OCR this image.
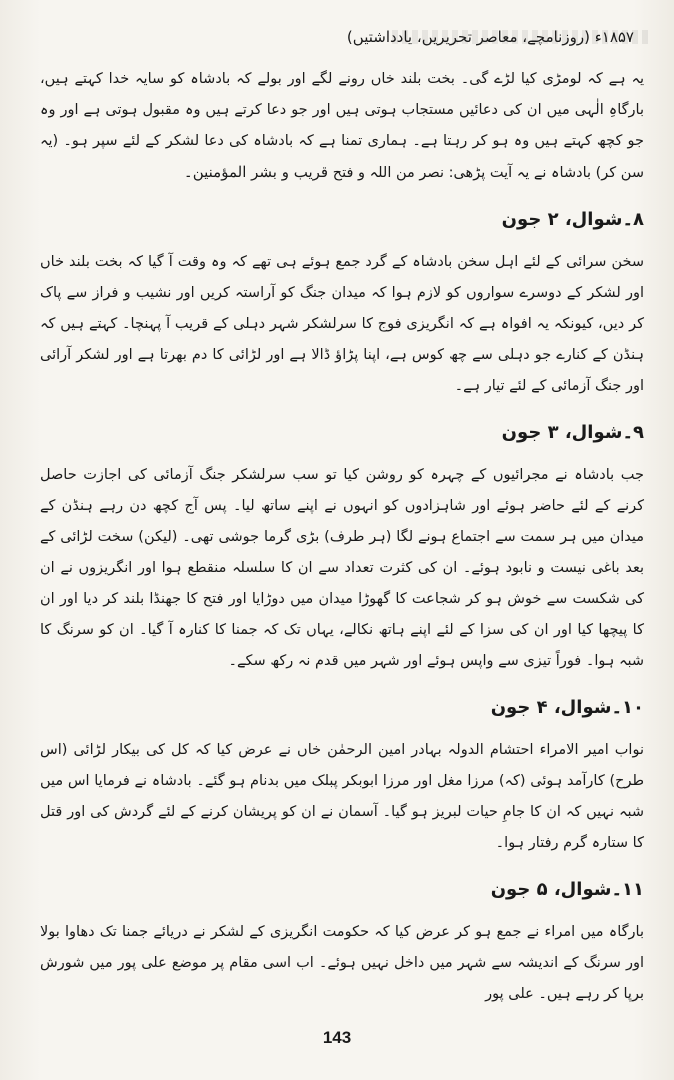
۱۸۵۷ء (روزنامچے، معاصر تحریریں، یادداشتیں)

یہ ہے کہ لومڑی کیا لڑے گی۔ بخت بلند خاں رونے لگے اور بولے کہ بادشاہ کو سایہ خدا کہتے ہیں، بارگاہِ الٰہی میں ان کی دعائیں مستجاب ہوتی ہیں اور جو دعا کرتے ہیں وہ مقبول ہوتی ہے اور وہ جو کچھ کہتے ہیں وہ ہو کر رہتا ہے۔ ہماری تمنا ہے کہ بادشاہ کی دعا لشکر کے لئے سپر ہو۔ (یہ سن کر) بادشاہ نے یہ آیت پڑھی: نصر من اللہ و فتح قریب و بشر المؤمنین۔

۸۔شوال، ۲ جون

سخن سرائی کے لئے اہل سخن بادشاہ کے گرد جمع ہوئے ہی تھے کہ وہ وقت آ گیا کہ بخت بلند خاں اور لشکر کے دوسرے سواروں کو لازم ہوا کہ میدان جنگ کو آراستہ کریں اور نشیب و فراز سے پاک کر دیں، کیونکہ یہ افواہ ہے کہ انگریزی فوج کا سرلشکر شہر دہلی کے قریب آ پہنچا۔ کہتے ہیں کہ ہنڈن کے کنارے جو دہلی سے چھ کوس ہے، اپنا پڑاؤ ڈالا ہے اور لڑائی کا دم بھرتا ہے اور لشکر آرائی اور جنگ آزمائی کے لئے تیار ہے۔

۹۔شوال، ۳ جون

جب بادشاہ نے مجرائیوں کے چہرہ کو روشن کیا تو سب سرلشکر جنگ آزمائی کی اجازت حاصل کرنے کے لئے حاضر ہوئے اور شاہزادوں کو انہوں نے اپنے ساتھ لیا۔ پس آج کچھ دن رہے ہنڈن کے میدان میں ہر سمت سے اجتماع ہونے لگا (ہر طرف) بڑی گرما جوشی تھی۔ (لیکن) سخت لڑائی کے بعد باغی نیست و نابود ہوئے۔ ان کی کثرت تعداد سے ان کا سلسلہ منقطع ہوا اور انگریزوں نے ان کی شکست سے خوش ہو کر شجاعت کا گھوڑا میدان میں دوڑایا اور فتح کا جھنڈا بلند کر دیا اور ان کا پیچھا کیا اور ان کی سزا کے لئے اپنے ہاتھ نکالے، یہاں تک کہ جمنا کا کنارہ آ گیا۔ ان کو سرنگ کا شبہ ہوا۔ فوراً تیزی سے واپس ہوئے اور شہر میں قدم نہ رکھ سکے۔

۱۰۔شوال، ۴ جون

نواب امیر الامراء احتشام الدولہ بہادر امین الرحمٰن خاں نے عرض کیا کہ کل کی بیکار لڑائی (اس طرح) کارآمد ہوئی (کہ) مرزا مغل اور مرزا ابوبکر پبلک میں بدنام ہو گئے۔ بادشاہ نے فرمایا اس میں شبہ نہیں کہ ان کا جامِ حیات لبریز ہو گیا۔ آسمان نے ان کو پریشان کرنے کے لئے گردش کی اور قتل کا ستارہ گرم رفتار ہوا۔

۱۱۔شوال، ۵ جون

بارگاہ میں امراء نے جمع ہو کر عرض کیا کہ حکومت انگریزی کے لشکر نے دریائے جمنا تک دھاوا بولا اور سرنگ کے اندیشہ سے شہر میں داخل نہیں ہوئے۔ اب اسی مقام پر موضع علی پور میں شورش برپا کر رہے ہیں۔ علی پور

143
